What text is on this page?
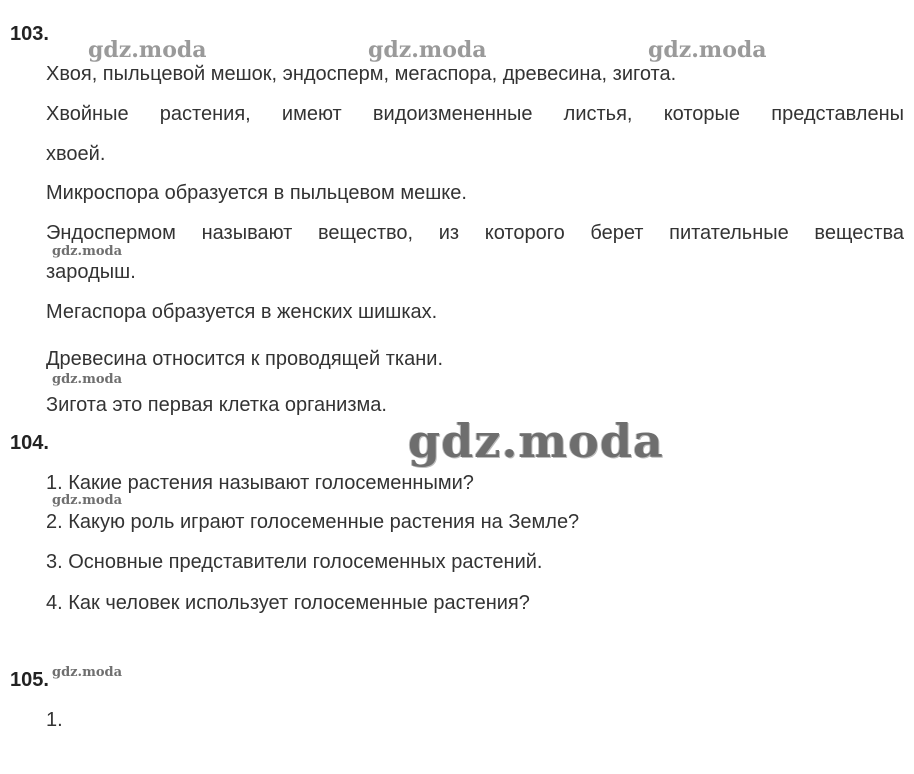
gdz.moda	gdz.moda	gdz.moda
gdz.moda
gdz.moda
gdz.moda
gdz.moda
gdz.moda
103.
Хвоя, пыльцевой мешок, эндосперм, мегаспора, древесина, зигота.
Хвойные растения, имеют видоизмененные листья, которые представлены
хвоей.
Микроспора образуется в пыльцевом мешке.
Эндоспермом называют вещество, из которого берет питательные вещества
зародыш.
Мегаспора образуется в женских шишках.
Древесина относится к проводящей ткани.
Зигота это первая клетка организма.
104.
1. Какие растения называют голосеменными?
2. Какую роль играют голосеменные растения на Земле?
3. Основные представители голосеменных растений.
4. Как человек использует голосеменные растения?
105.
1.
